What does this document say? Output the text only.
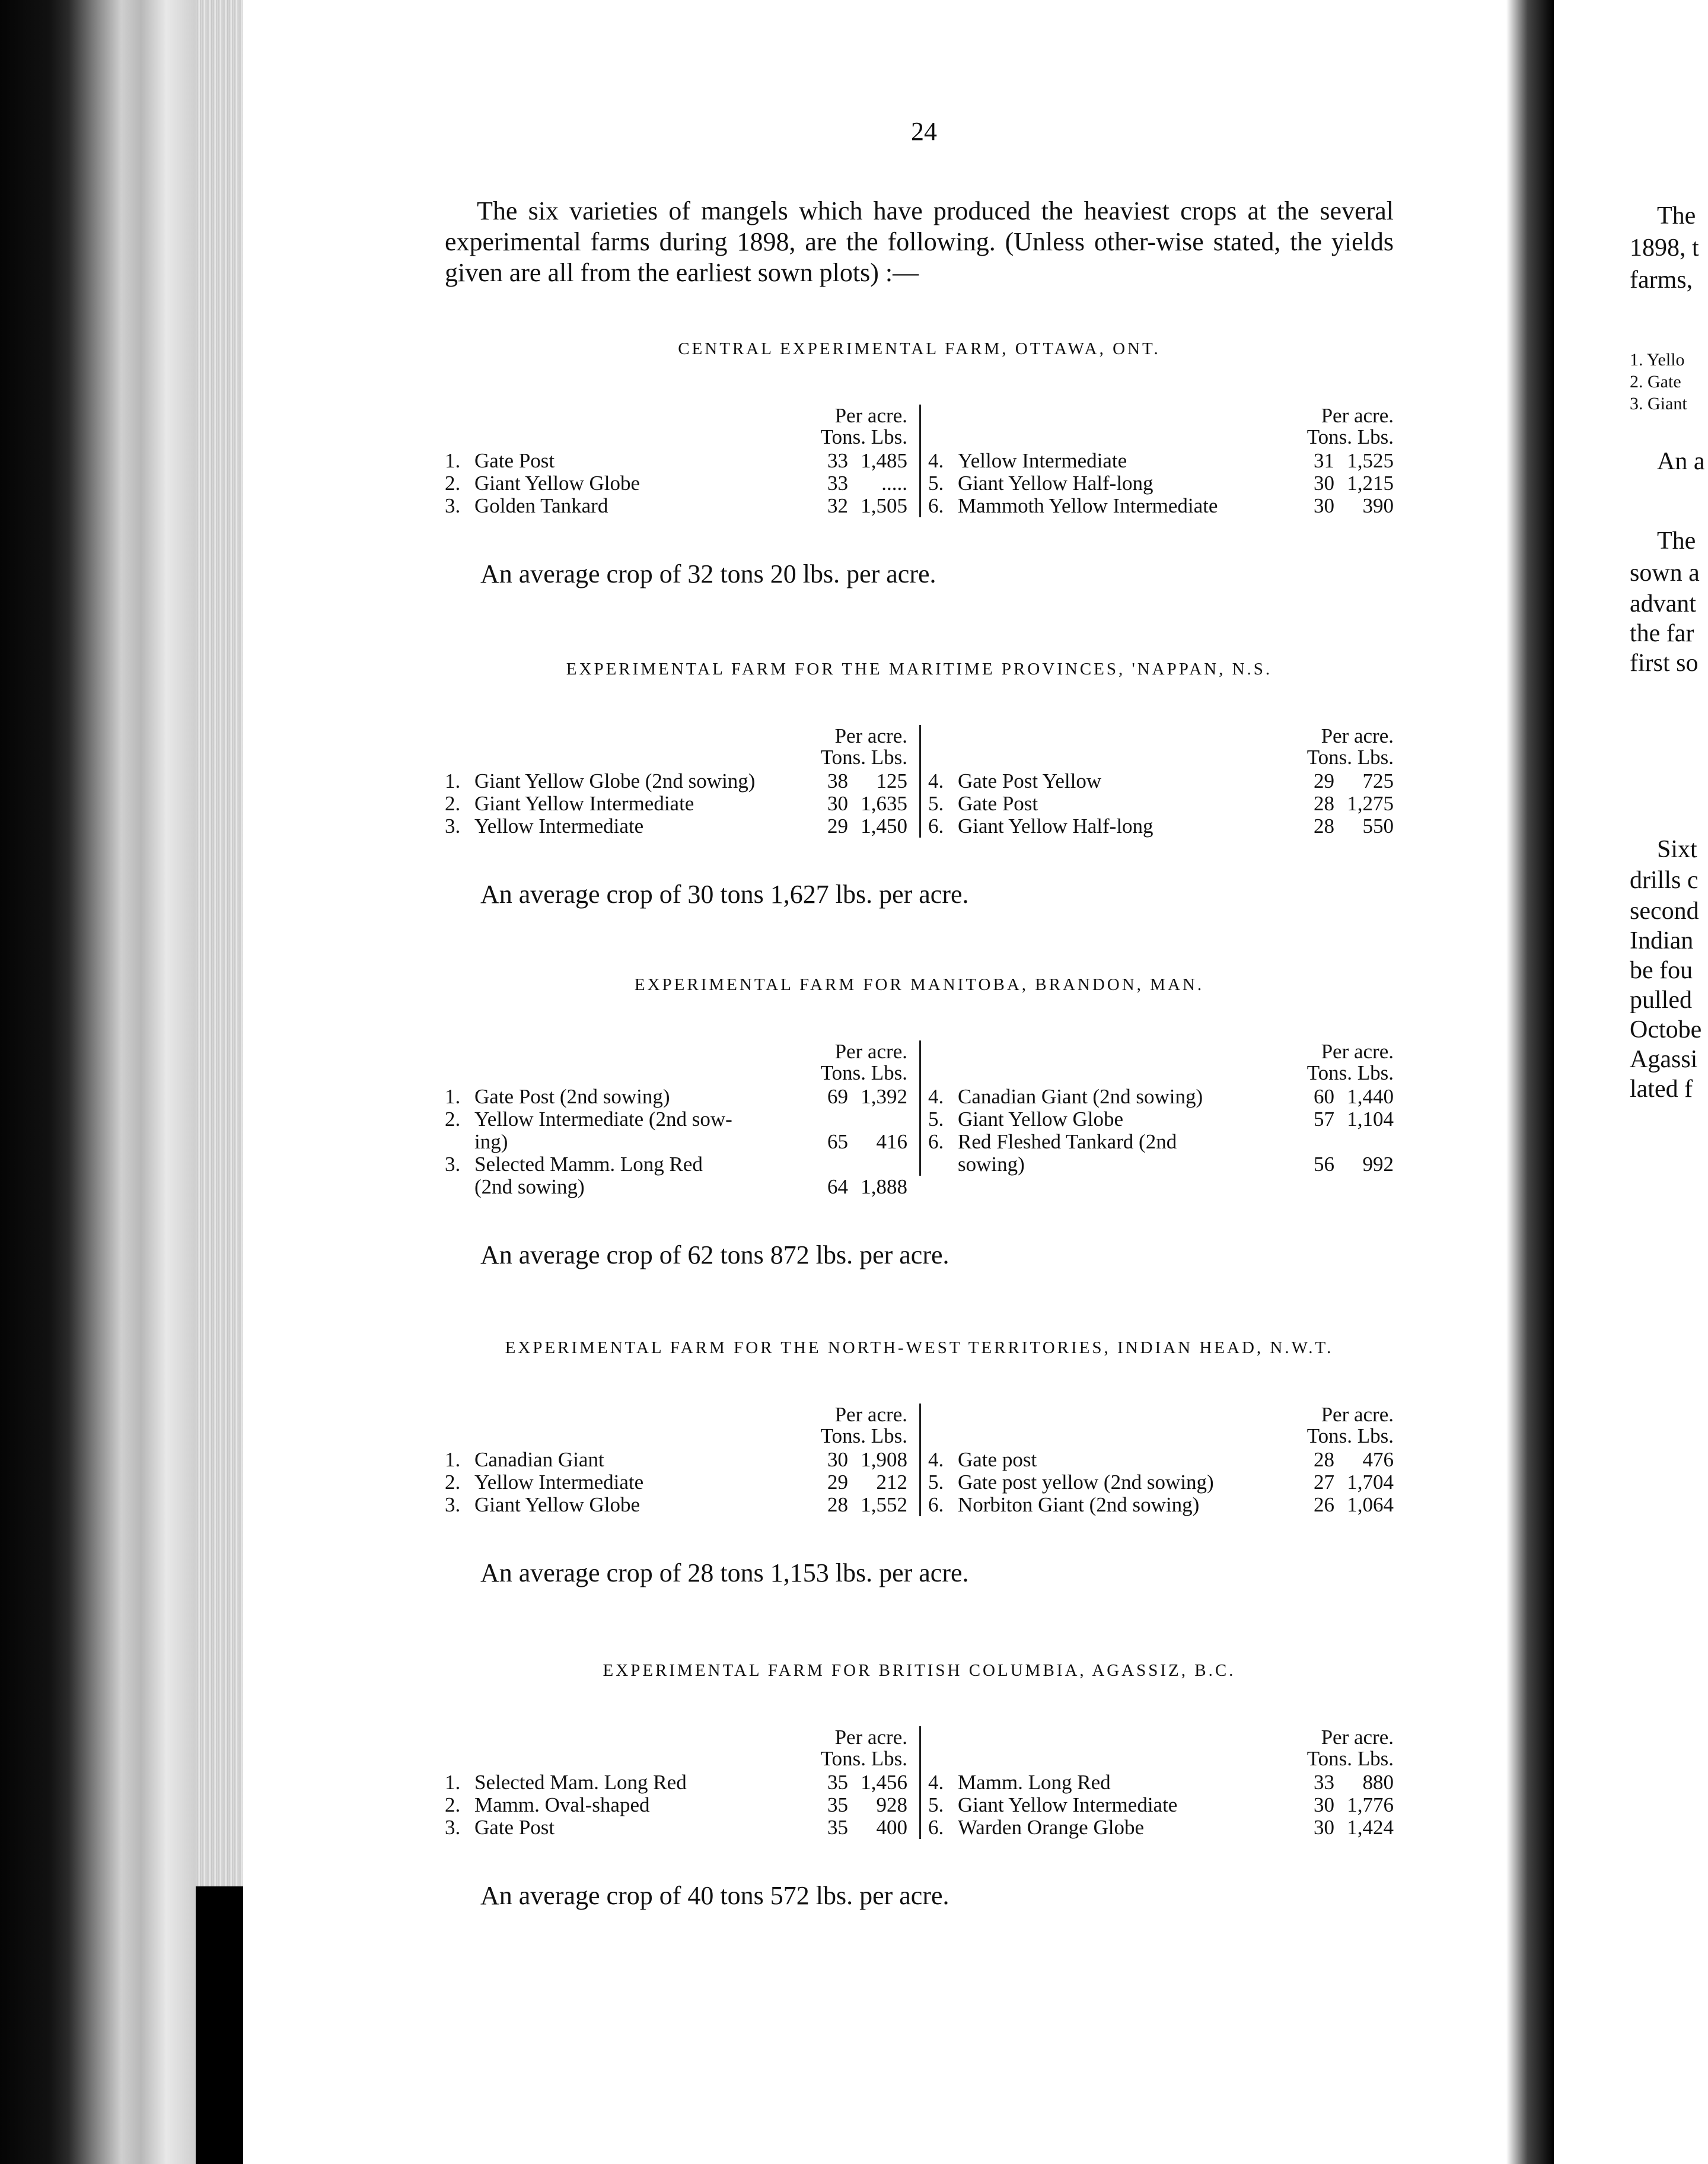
24

The six varieties of mangels which have produced the heaviest crops at the several experimental farms during 1898, are the following. (Unless other-wise stated, the yields given are all from the earliest sown plots) :—

CENTRAL EXPERIMENTAL FARM, OTTAWA, ONT.
Per acre.
Tons. Lbs.
1. Gate Post	33 1,485
2. Giant Yellow Globe	33	.....
3. Golden Tankard	32 1,505
Per acre.
Tons. Lbs.
4. Yellow Intermediate	31 1,525
5. Giant Yellow Half-long	30 1,215
6. Mammoth Yellow Intermediate	30	390
An average crop of 32 tons 20 lbs. per acre.
EXPERIMENTAL FARM FOR THE MARITIME PROVINCES, 'NAPPAN, N.S.
Per acre.
Tons. Lbs.
1. Giant Yellow Globe (2nd sowing)	38	125
2. Giant Yellow Intermediate	30 1,635
3. Yellow Intermediate	29 1,450
Per acre.
Tons. Lbs.
4. Gate Post Yellow	29	725
5. Gate Post	28 1,275
6. Giant Yellow Half-long	28	550
An average crop of 30 tons 1,627 lbs. per acre.
EXPERIMENTAL FARM FOR MANITOBA, BRANDON, MAN.
Per acre.
Tons. Lbs.
1. Gate Post (2nd sowing)	69 1,392
2. Yellow Intermediate (2nd sow-
ing)	65	416
3. Selected Mamm. Long Red
(2nd sowing)	64 1,888
Per acre.
Tons. Lbs.
4. Canadian Giant (2nd sowing)	60 1,440
5. Giant Yellow Globe	57 1,104
6. Red Fleshed Tankard (2nd
sowing)	56	992
An average crop of 62 tons 872 lbs. per acre.
EXPERIMENTAL FARM FOR THE NORTH-WEST TERRITORIES, INDIAN HEAD, N.W.T.
Per acre.
Tons. Lbs.
1. Canadian Giant	30 1,908
2. Yellow Intermediate	29	212
3. Giant Yellow Globe	28 1,552
Per acre.
Tons. Lbs.
4. Gate post	28	476
5. Gate post yellow (2nd sowing)	27 1,704
6. Norbiton Giant (2nd sowing)	26 1,064
An average crop of 28 tons 1,153 lbs. per acre.
EXPERIMENTAL FARM FOR BRITISH COLUMBIA, AGASSIZ, B.C.
Per acre.
Tons. Lbs.
1. Selected Mam. Long Red	35 1,456
2. Mamm. Oval-shaped	35	928
3. Gate Post	35	400
Per acre.
Tons. Lbs.
4. Mamm. Long Red	33	880
5. Giant Yellow Intermediate	30 1,776
6. Warden Orange Globe	30 1,424
An average crop of 40 tons 572 lbs. per acre.
The
1898, t
farms,
1. Yello
2. Gate
3. Giant
An a
The
sown a
advant
the far
first so
Sixt
drills c
second
Indian
be fou
pulled
Octobe
Agassi
lated f
